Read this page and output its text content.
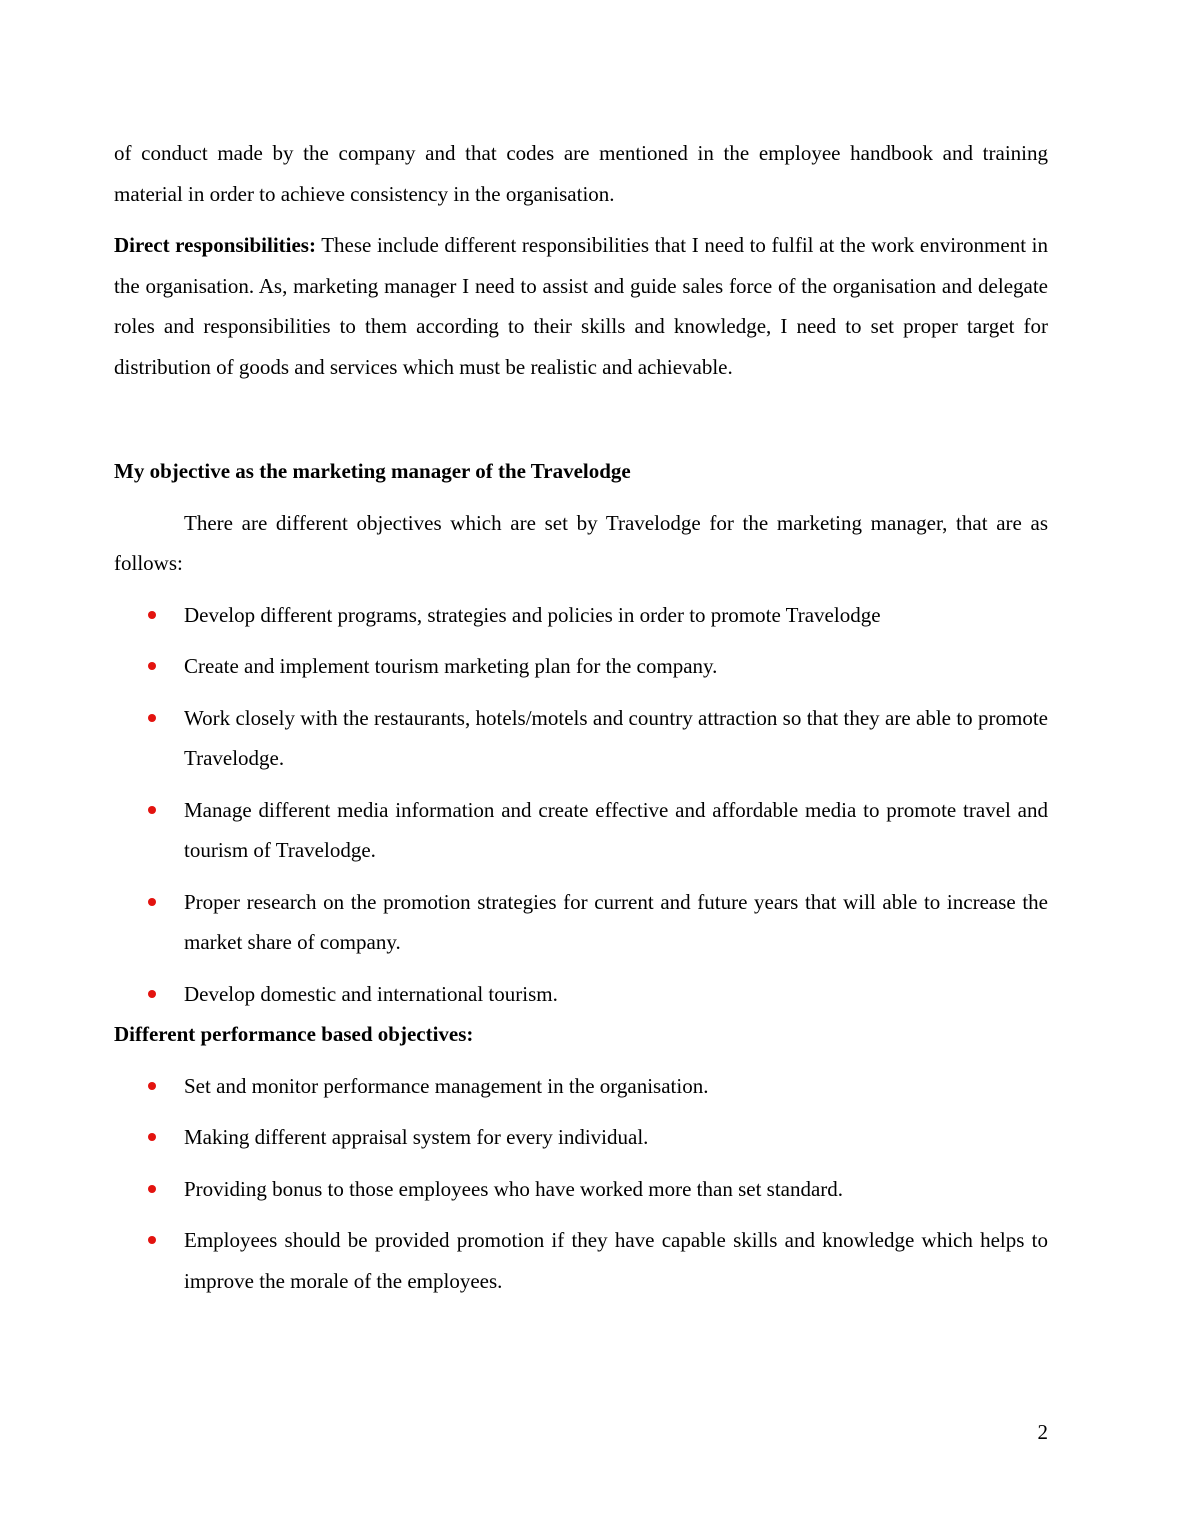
of conduct made by the company and that codes are mentioned in the employee handbook and training material in order to achieve consistency in the organisation.

Direct responsibilities: These include different responsibilities that I need to fulfil at the work environment in the organisation. As, marketing manager I need to assist and guide sales force of the organisation and delegate roles and responsibilities to them according to their skills and knowledge, I need to set proper target for distribution of goods and services which must be realistic and achievable.

My objective as the marketing manager of the Travelodge

There are different objectives which are set by Travelodge for the marketing manager, that are as follows:

Develop different programs, strategies and policies in order to promote Travelodge
Create and implement tourism marketing plan for the company.
Work closely with the restaurants, hotels/motels and country attraction so that they are able to promote Travelodge.
Manage different media information and create effective and affordable media to promote travel and tourism of Travelodge.
Proper research on the promotion strategies for current and future years that will able to increase the market share of company.
Develop domestic and international tourism.
Different performance based objectives:
Set and monitor performance management in the organisation.
Making different appraisal system for every individual.
Providing bonus to those employees who have worked more than set standard.
Employees should be provided promotion if they have capable skills and knowledge which helps to improve the morale of the employees.
2
